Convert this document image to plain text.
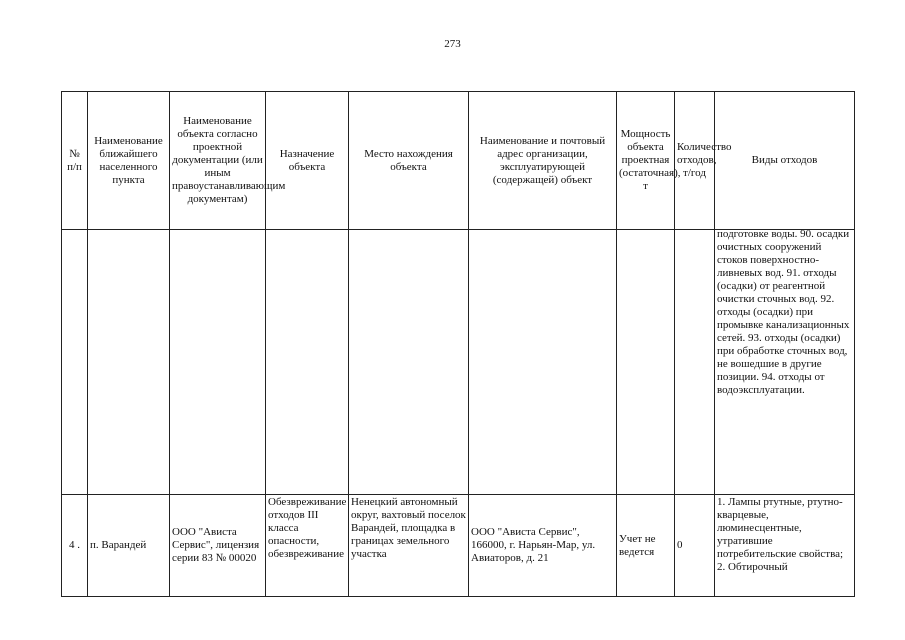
273
№ п/п	Наименование ближайшего населенного пункта	Наименование объекта согласно проектной документации (или иным правоустанавливающим документам)	Назначение объекта	Место нахождения объекта	Наименование и почтовый адрес организации, эксплуатирующей (содержащей) объект	Мощность объекта проектная (остаточная), т	Количество отходов, т/год	Виды отходов

								подготовке воды. 90. осадки очистных сооружений стоков поверхностно-ливневых вод. 91. отходы (осадки) от реагентной очистки сточных вод. 92. отходы (осадки) при промывке канализационных сетей. 93. отходы (осадки) при обработке сточных вод, не вошедшие в другие позиции. 94. отходы от водоэксплуатации.

4 .	п. Варандей	ООО "Ависта Сервис", лицензия серии 83 № 00020	Обезвреживание отходов III класса опасности, обезвреживание	Ненецкий автономный округ, вахтовый поселок Варандей, площадка в границах земельного участка	ООО "Ависта Сервис", 166000, г. Нарьян-Мар, ул. Авиаторов, д. 21	Учет не ведется	0	1. Лампы ртутные, ртутно-кварцевые, люминесцентные, утратившие потребительские свойства; 2. Обтирочный
